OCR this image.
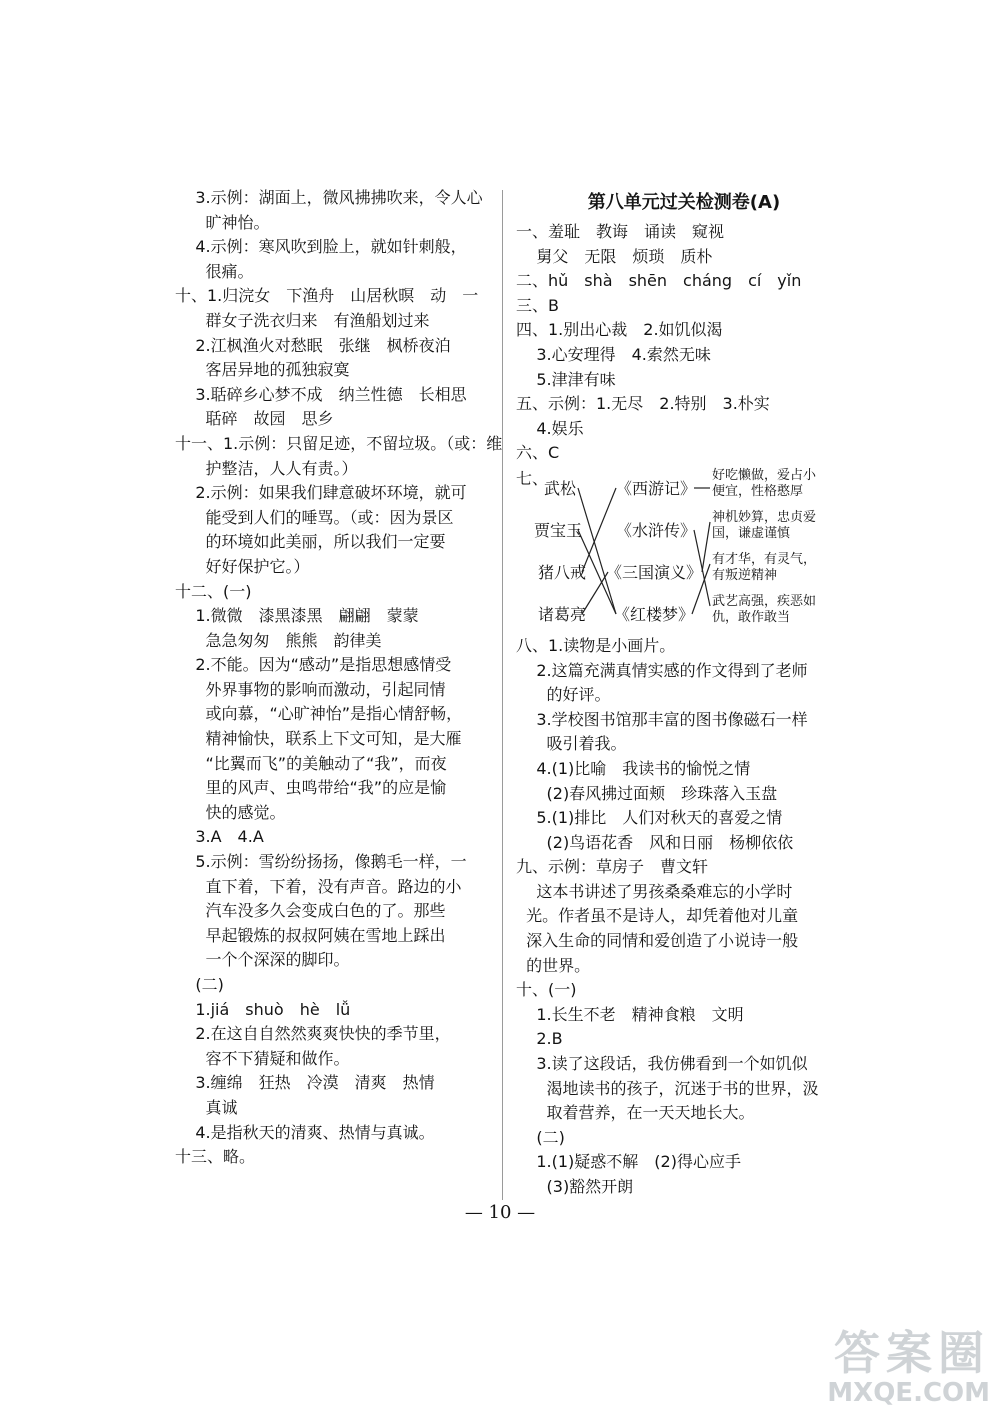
3.示例：湖面上，微风拂拂吹来，令人心
旷神怡。
4.示例：寒风吹到脸上，就如针刺般，
很痛。
十、1.归浣女　下渔舟　山居秋暝　动　一
群女子洗衣归来　有渔船划过来
2.江枫渔火对愁眠　张继　枫桥夜泊
客居异地的孤独寂寞
3.聒碎乡心梦不成　纳兰性德　长相思
聒碎　故园　思乡
十一、1.示例：只留足迹，不留垃圾。（或：维
护整洁，人人有责。）
2.示例：如果我们肆意破坏环境，就可
能受到人们的唾骂。（或：因为景区
的环境如此美丽，所以我们一定要
好好保护它。）
十二、(一)
1.微微　漆黑漆黑　翩翩　蒙蒙
急急匆匆　熊熊　韵律美
2.不能。因为“感动”是指思想感情受
外界事物的影响而激动，引起同情
或向慕，“心旷神怡”是指心情舒畅，
精神愉快，联系上下文可知，是大雁
“比翼而飞”的美触动了“我”，而夜
里的风声、虫鸣带给“我”的应是愉
快的感觉。
3.A　4.A
5.示例：雪纷纷扬扬，像鹅毛一样，一
直下着，下着，没有声音。路边的小
汽车没多久会变成白色的了。那些
早起锻炼的叔叔阿姨在雪地上踩出
一个个深深的脚印。
(二)
1.jiá　shuò　hè　lǚ
2.在这自自然然爽爽快快的季节里，
容不下猜疑和做作。
3.缠绵　狂热　冷漠　清爽　热情
真诚
4.是指秋天的清爽、热情与真诚。
十三、略。
第八单元过关检测卷(A)
一、羞耻　教诲　诵读　窥视
舅父　无限　烦琐　质朴
二、hǔ　shà　shēn　cháng　cí　yǐn
三、B
四、1.别出心裁　2.如饥似渴
3.心安理得　4.索然无味
5.津津有味
五、示例：1.无尽　2.特别　3.朴实
4.娱乐
六、C
七、
武松
贾宝玉
猪八戒
诸葛亮
《西游记》
《水浒传》
《三国演义》
《红楼梦》
好吃懒做，爱占小
便宜，性格憨厚
神机妙算，忠贞爱
国，谦虚谨慎
有才华，有灵气，
有叛逆精神
武艺高强，疾恶如
仇，敢作敢当
八、1.读物是小画片。
2.这篇充满真情实感的作文得到了老师
的好评。
3.学校图书馆那丰富的图书像磁石一样
吸引着我。
4.(1)比喻　我读书的愉悦之情
(2)春风拂过面颊　珍珠落入玉盘
5.(1)排比　人们对秋天的喜爱之情
(2)鸟语花香　风和日丽　杨柳依依
九、示例：草房子　曹文轩
这本书讲述了男孩桑桑难忘的小学时
光。作者虽不是诗人，却凭着他对儿童
深入生命的同情和爱创造了小说诗一般
的世界。
十、(一)
1.长生不老　精神食粮　文明
2.B
3.读了这段话，我仿佛看到一个如饥似
渴地读书的孩子，沉迷于书的世界，汲
取着营养，在一天天地长大。
(二)
1.(1)疑惑不解　(2)得心应手
(3)豁然开朗
— 10 —
答案圈
MXQE.COM
